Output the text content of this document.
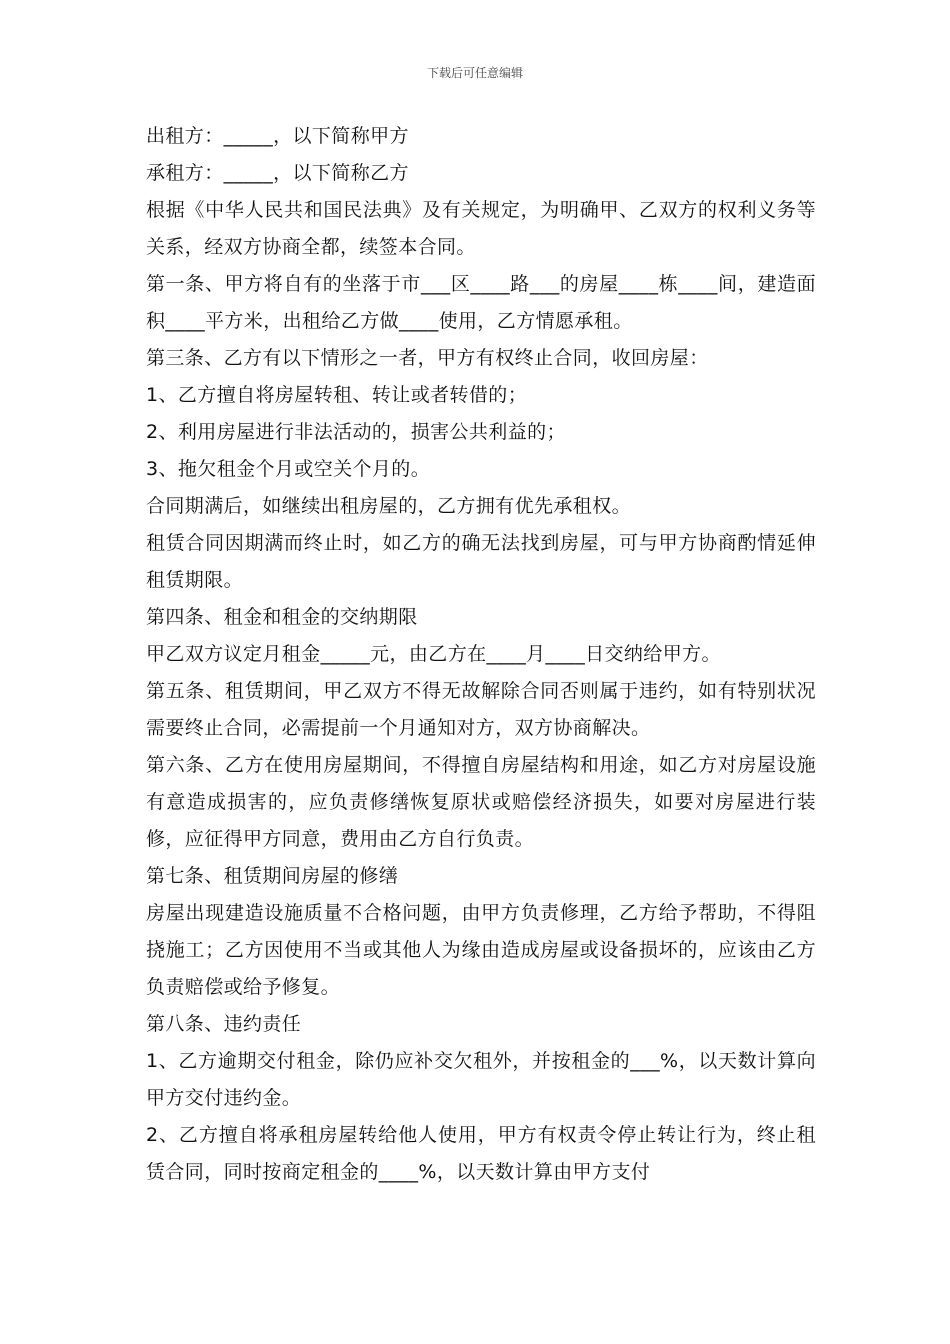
下载后可任意编辑

出租方：_____，以下简称甲方

承租方：_____，以下简称乙方

根据《中华人民共和国民法典》及有关规定，为明确甲、乙双方的权利义务等关系，经双方协商全都，续签本合同。

第一条、甲方将自有的坐落于市___区____路___的房屋____栋____间，建造面积____平方米，出租给乙方做____使用，乙方情愿承租。

第三条、乙方有以下情形之一者，甲方有权终止合同，收回房屋：

1、乙方擅自将房屋转租、转让或者转借的；

2、利用房屋进行非法活动的，损害公共利益的；

3、拖欠租金个月或空关个月的。

合同期满后，如继续出租房屋的，乙方拥有优先承租权。

租赁合同因期满而终止时，如乙方的确无法找到房屋，可与甲方协商酌情延伸租赁期限。

第四条、租金和租金的交纳期限

甲乙双方议定月租金_____元，由乙方在____月____日交纳给甲方。

第五条、租赁期间，甲乙双方不得无故解除合同否则属于违约，如有特别状况需要终止合同，必需提前一个月通知对方，双方协商解决。

第六条、乙方在使用房屋期间，不得擅自房屋结构和用途，如乙方对房屋设施有意造成损害的，应负责修缮恢复原状或赔偿经济损失，如要对房屋进行装修，应征得甲方同意，费用由乙方自行负责。

第七条、租赁期间房屋的修缮

房屋出现建造设施质量不合格问题，由甲方负责修理，乙方给予帮助，不得阻挠施工；乙方因使用不当或其他人为缘由造成房屋或设备损坏的，应该由乙方负责赔偿或给予修复。

第八条、违约责任

1、乙方逾期交付租金，除仍应补交欠租外，并按租金的___%，以天数计算向甲方交付违约金。

2、乙方擅自将承租房屋转给他人使用，甲方有权责令停止转让行为，终止租赁合同，同时按商定租金的____%，以天数计算由甲方支付
